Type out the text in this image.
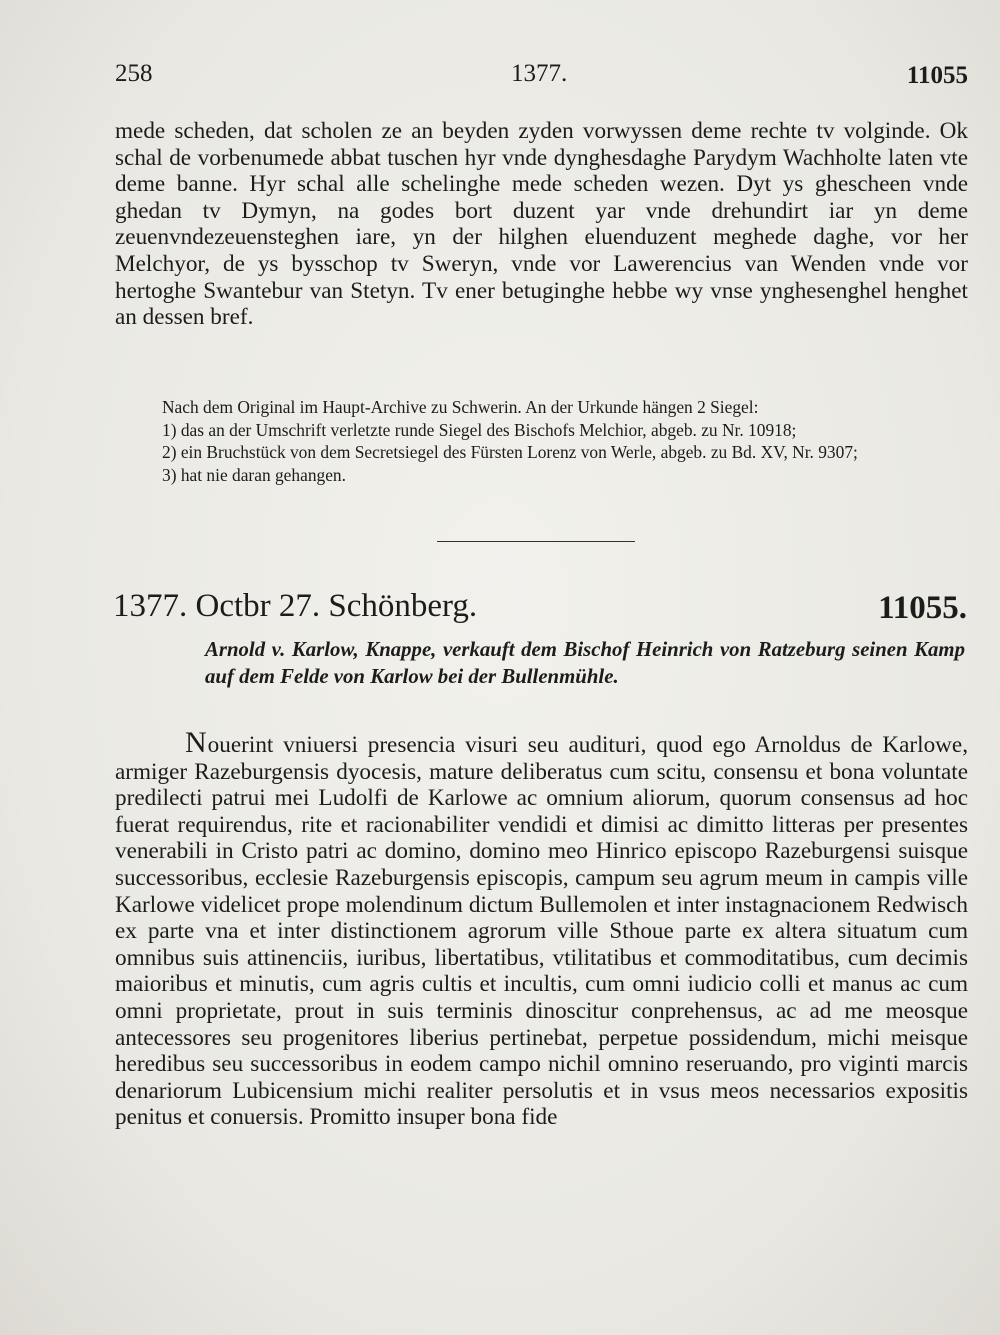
258	1377.	11055

mede scheden, dat scholen ze an beyden zyden vorwyssen deme rechte tv volginde. Ok schal de vorbenumede abbat tuschen hyr vnde dynghesdaghe Parydym Wachholte laten vte deme banne. Hyr schal alle schelinghe mede scheden wezen. Dyt ys ghescheen vnde ghedan tv Dymyn, na godes bort duzent yar vnde drehundirt iar yn deme zeuenvndezeuensteghen iare, yn der hilghen eluenduzent meghede daghe, vor her Melchyor, de ys bysschop tv Sweryn, vnde vor Lawerencius van Wenden vnde vor hertoghe Swantebur van Stetyn. Tv ener betuginghe hebbe wy vnse ynghesenghel henghet an dessen bref.

Nach dem Original im Haupt-Archive zu Schwerin. An der Urkunde hängen 2 Siegel:

1) das an der Umschrift verletzte runde Siegel des Bischofs Melchior, abgeb. zu Nr. 10918;

2) ein Bruchstück von dem Secretsiegel des Fürsten Lorenz von Werle, abgeb. zu Bd. XV, Nr. 9307;

3) hat nie daran gehangen.

1377. Octbr 27. Schönberg.	11055.

Arnold v. Karlow, Knappe, verkauft dem Bischof Heinrich von Ratzeburg seinen Kamp auf dem Felde von Karlow bei der Bullenmühle.

Nouerint vniuersi presencia visuri seu audituri, quod ego Arnoldus de Karlowe, armiger Razeburgensis dyocesis, mature deliberatus cum scitu, consensu et bona voluntate predilecti patrui mei Ludolfi de Karlowe ac omnium aliorum, quorum consensus ad hoc fuerat requirendus, rite et racionabiliter vendidi et dimisi ac dimitto litteras per presentes venerabili in Cristo patri ac domino, domino meo Hinrico episcopo Razeburgensi suisque successoribus, ecclesie Razeburgensis episcopis, campum seu agrum meum in campis ville Karlowe videlicet prope molendinum dictum Bullemolen et inter instagnacionem Redwisch ex parte vna et inter distinctionem agrorum ville Sthoue parte ex altera situatum cum omnibus suis attinenciis, iuribus, libertatibus, vtilitatibus et commoditatibus, cum decimis maioribus et minutis, cum agris cultis et incultis, cum omni iudicio colli et manus ac cum omni proprietate, prout in suis terminis dinoscitur conprehensus, ac ad me meosque antecessores seu progenitores liberius pertinebat, perpetue possidendum, michi meisque heredibus seu successoribus in eodem campo nichil omnino reseruando, pro viginti marcis denariorum Lubicensium michi realiter persolutis et in vsus meos necessarios expositis penitus et conuersis. Promitto insuper bona fide
